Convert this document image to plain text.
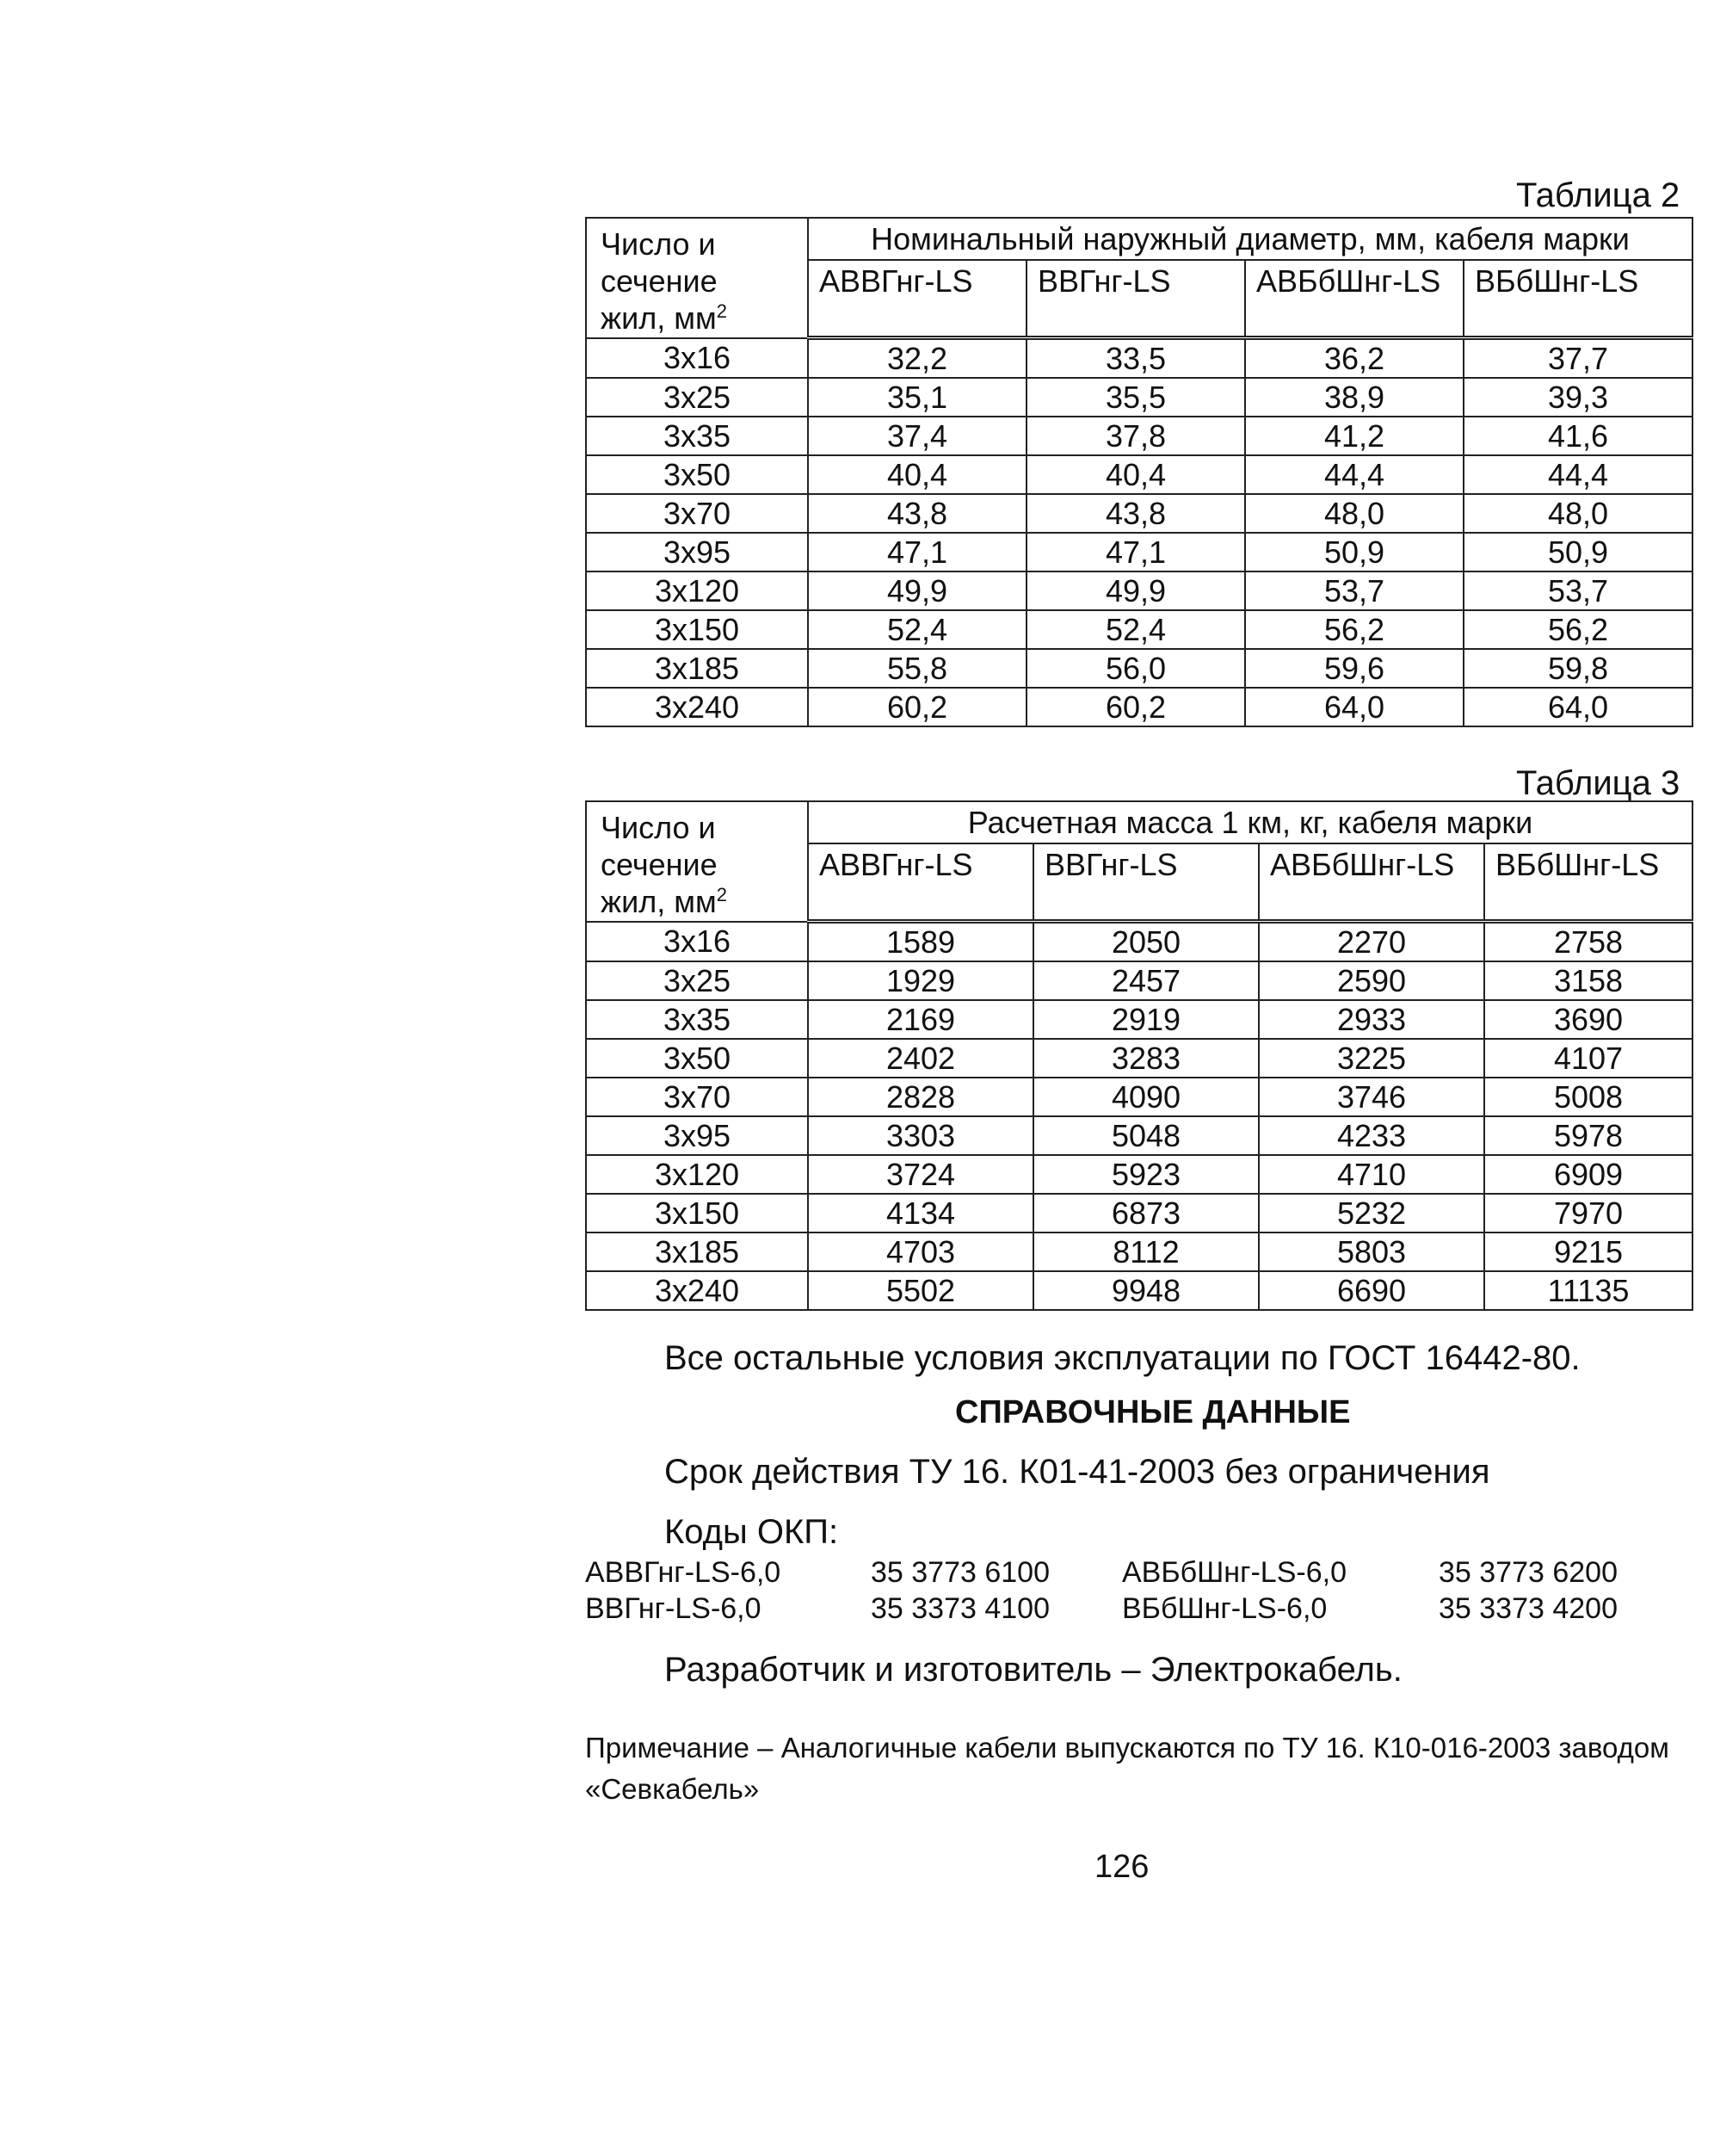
Таблица 2
Число и
сечение
жил, $мм^2$	Номинальный наружный диаметр, мм, кабеля марки			
	АВВГнг-LS	ВВГнг-LS	АВБбШнг-LS	ВБбШнг-LS
3х16	32,2	33,5	36,2	37,7
3х25	35,1	35,5	38,9	39,3
3х35	37,4	37,8	41,2	41,6
3х50	40,4	40,4	44,4	44,4
3х70	43,8	43,8	48,0	48,0
3х95	47,1	47,1	50,9	50,9
3х120	49,9	49,9	53,7	53,7
3х150	52,4	52,4	56,2	56,2
3х185	55,8	56,0	59,6	59,8
3х240	60,2	60,2	64,0	64,0
Таблица 3
Число и
сечение
жил, $мм^2$	Расчетная масса 1 км, кг, кабеля марки			
	АВВГнг-LS	ВВГнг-LS	АВБбШнг-LS	ВБбШнг-LS
3х16	1589	2050	2270	2758
3х25	1929	2457	2590	3158
3х35	2169	2919	2933	3690
3х50	2402	3283	3225	4107
3х70	2828	4090	3746	5008
3х95	3303	5048	4233	5978
3х120	3724	5923	4710	6909
3х150	4134	6873	5232	7970
3х185	4703	8112	5803	9215
3х240	5502	9948	6690	11135
Все остальные условия эксплуатации по ГОСТ 16442-80.
СПРАВОЧНЫЕ ДАННЫЕ
Срок действия ТУ 16. К01-41-2003 без ограничения
Коды ОКП:
АВВГнг-LS-6,0	35 3773 6100 АВБбШнг-LS-6,0	35 3773 6200
ВВГнг-LS-6,0	35 3373 4100 ВБбШнг-LS-6,0	35 3373 4200
Разработчик и изготовитель – Электрокабель.
Примечание – Аналогичные кабели выпускаются по ТУ 16. К10-016-2003 заводом «Севкабель»
126
